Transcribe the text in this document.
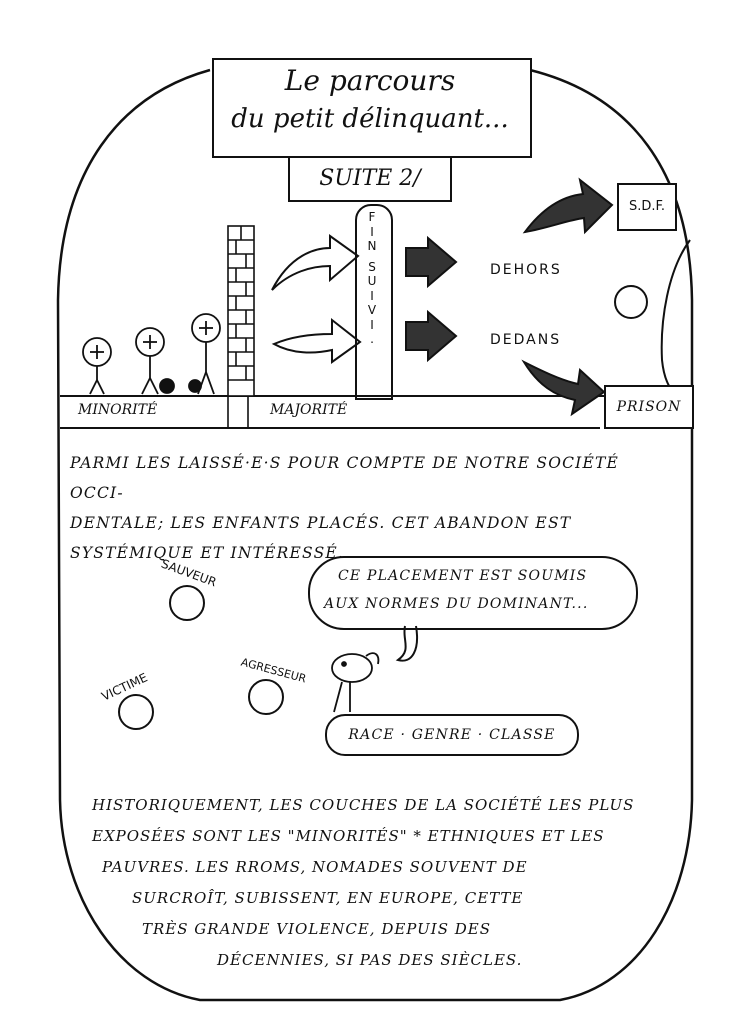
Le parcours
du petit délinquant...
SUITE 2/
F
I
N
S
U
I
V
I
.
MINORITÉ	MAJORITÉ
DEHORS
DEDANS
S.D.F.
PRISON
PARMI LES LAISSÉ·E·S POUR COMPTE DE NOTRE SOCIÉTÉ OCCI-
DENTALE; LES ENFANTS PLACÉS. CET ABANDON EST
SYSTÉMIQUE ET INTÉRESSÉ.
SAUVEUR
VICTIME	AGRESSEUR
CE PLACEMENT EST SOUMIS
AUX NORMES DU DOMINANT...
RACE · GENRE · CLASSE
HISTORIQUEMENT, LES COUCHES DE LA SOCIÉTÉ LES PLUS
EXPOSÉES SONT LES "MINORITÉS" * ETHNIQUES ET LES
PAUVRES. LES RROMS, NOMADES SOUVENT DE
SURCROÎT, SUBISSENT, EN EUROPE, CETTE
TRÈS GRANDE VIOLENCE, DEPUIS DES
DÉCENNIES, SI PAS DES SIÈCLES.
